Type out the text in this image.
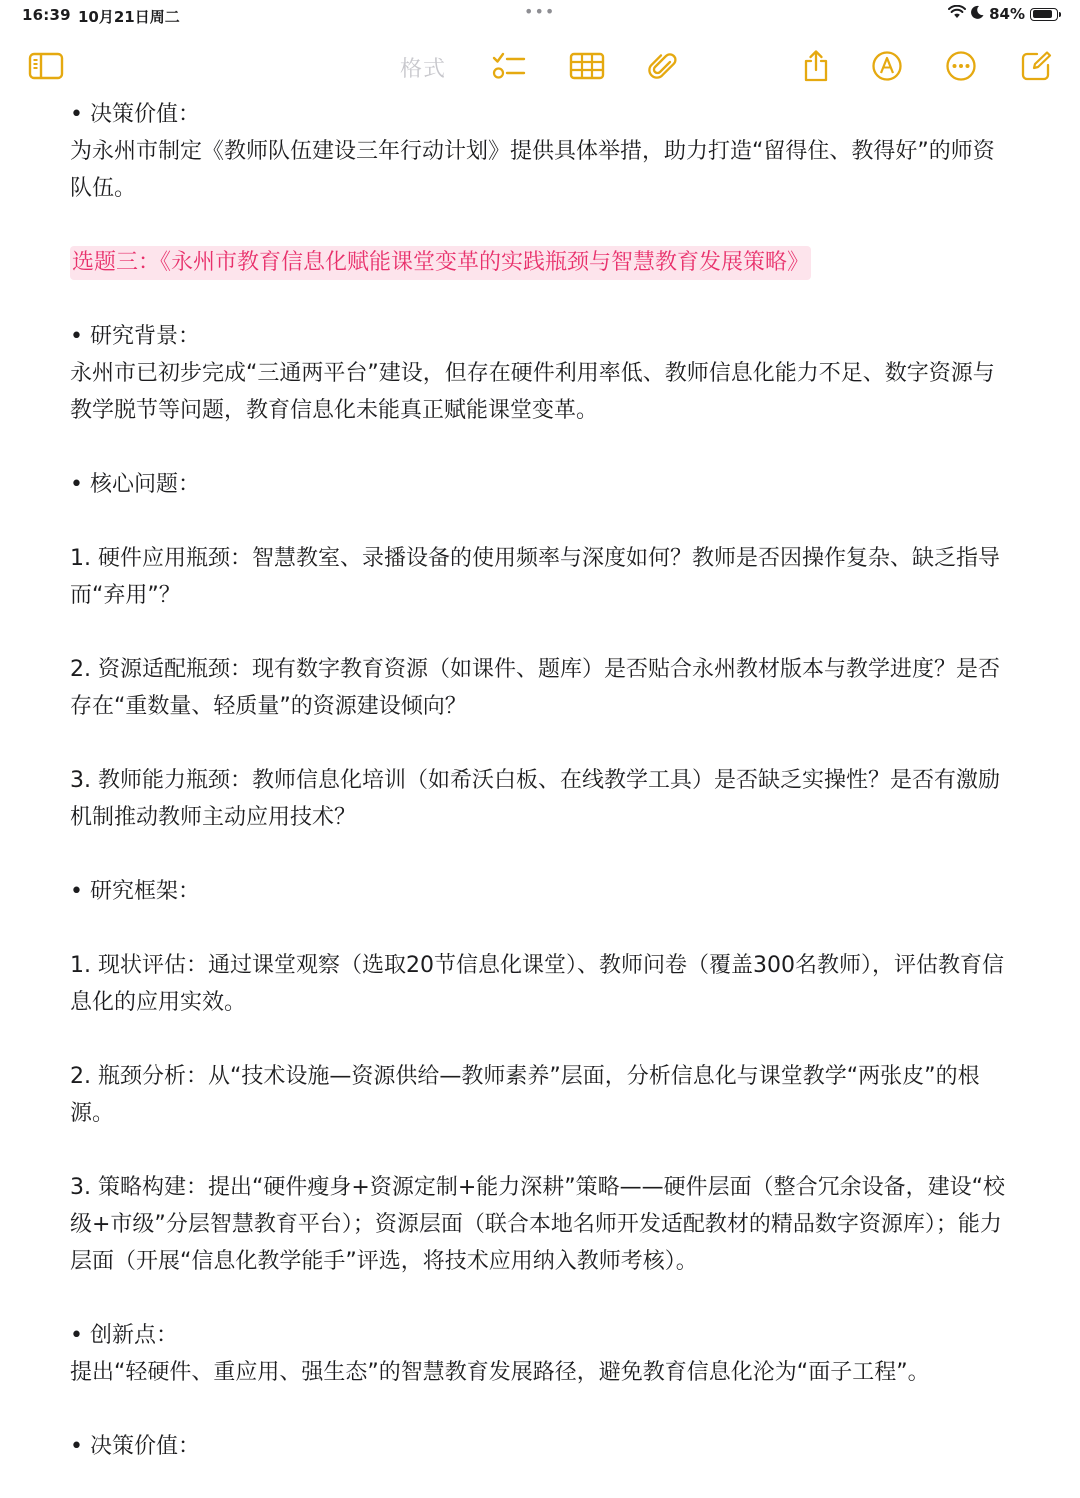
16:39 10月21日周二	•••	84%
格式

• 决策价值：

为永州市制定《教师队伍建设三年行动计划》提供具体举措，助力打造“留得住、教得好”的师资队伍。

选题三：《永州市教育信息化赋能课堂变革的实践瓶颈与智慧教育发展策略》

• 研究背景：

永州市已初步完成“三通两平台”建设，但存在硬件利用率低、教师信息化能力不足、数字资源与教学脱节等问题，教育信息化未能真正赋能课堂变革。

• 核心问题：

1. 硬件应用瓶颈：智慧教室、录播设备的使用频率与深度如何？教师是否因操作复杂、缺乏指导而“弃用”？

2. 资源适配瓶颈：现有数字教育资源（如课件、题库）是否贴合永州教材版本与教学进度？是否存在“重数量、轻质量”的资源建设倾向？

3. 教师能力瓶颈：教师信息化培训（如希沃白板、在线教学工具）是否缺乏实操性？是否有激励机制推动教师主动应用技术？

• 研究框架：

1. 现状评估：通过课堂观察（选取20节信息化课堂）、教师问卷（覆盖300名教师），评估教育信息化的应用实效。

2. 瓶颈分析：从“技术设施—资源供给—教师素养”层面，分析信息化与课堂教学“两张皮”的根源。

3. 策略构建：提出“硬件瘦身+资源定制+能力深耕”策略——硬件层面（整合冗余设备，建设“校级+市级”分层智慧教育平台）；资源层面（联合本地名师开发适配教材的精品数字资源库）；能力层面（开展“信息化教学能手”评选，将技术应用纳入教师考核）。

• 创新点：

提出“轻硬件、重应用、强生态”的智慧教育发展路径，避免教育信息化沦为“面子工程”。

• 决策价值：
